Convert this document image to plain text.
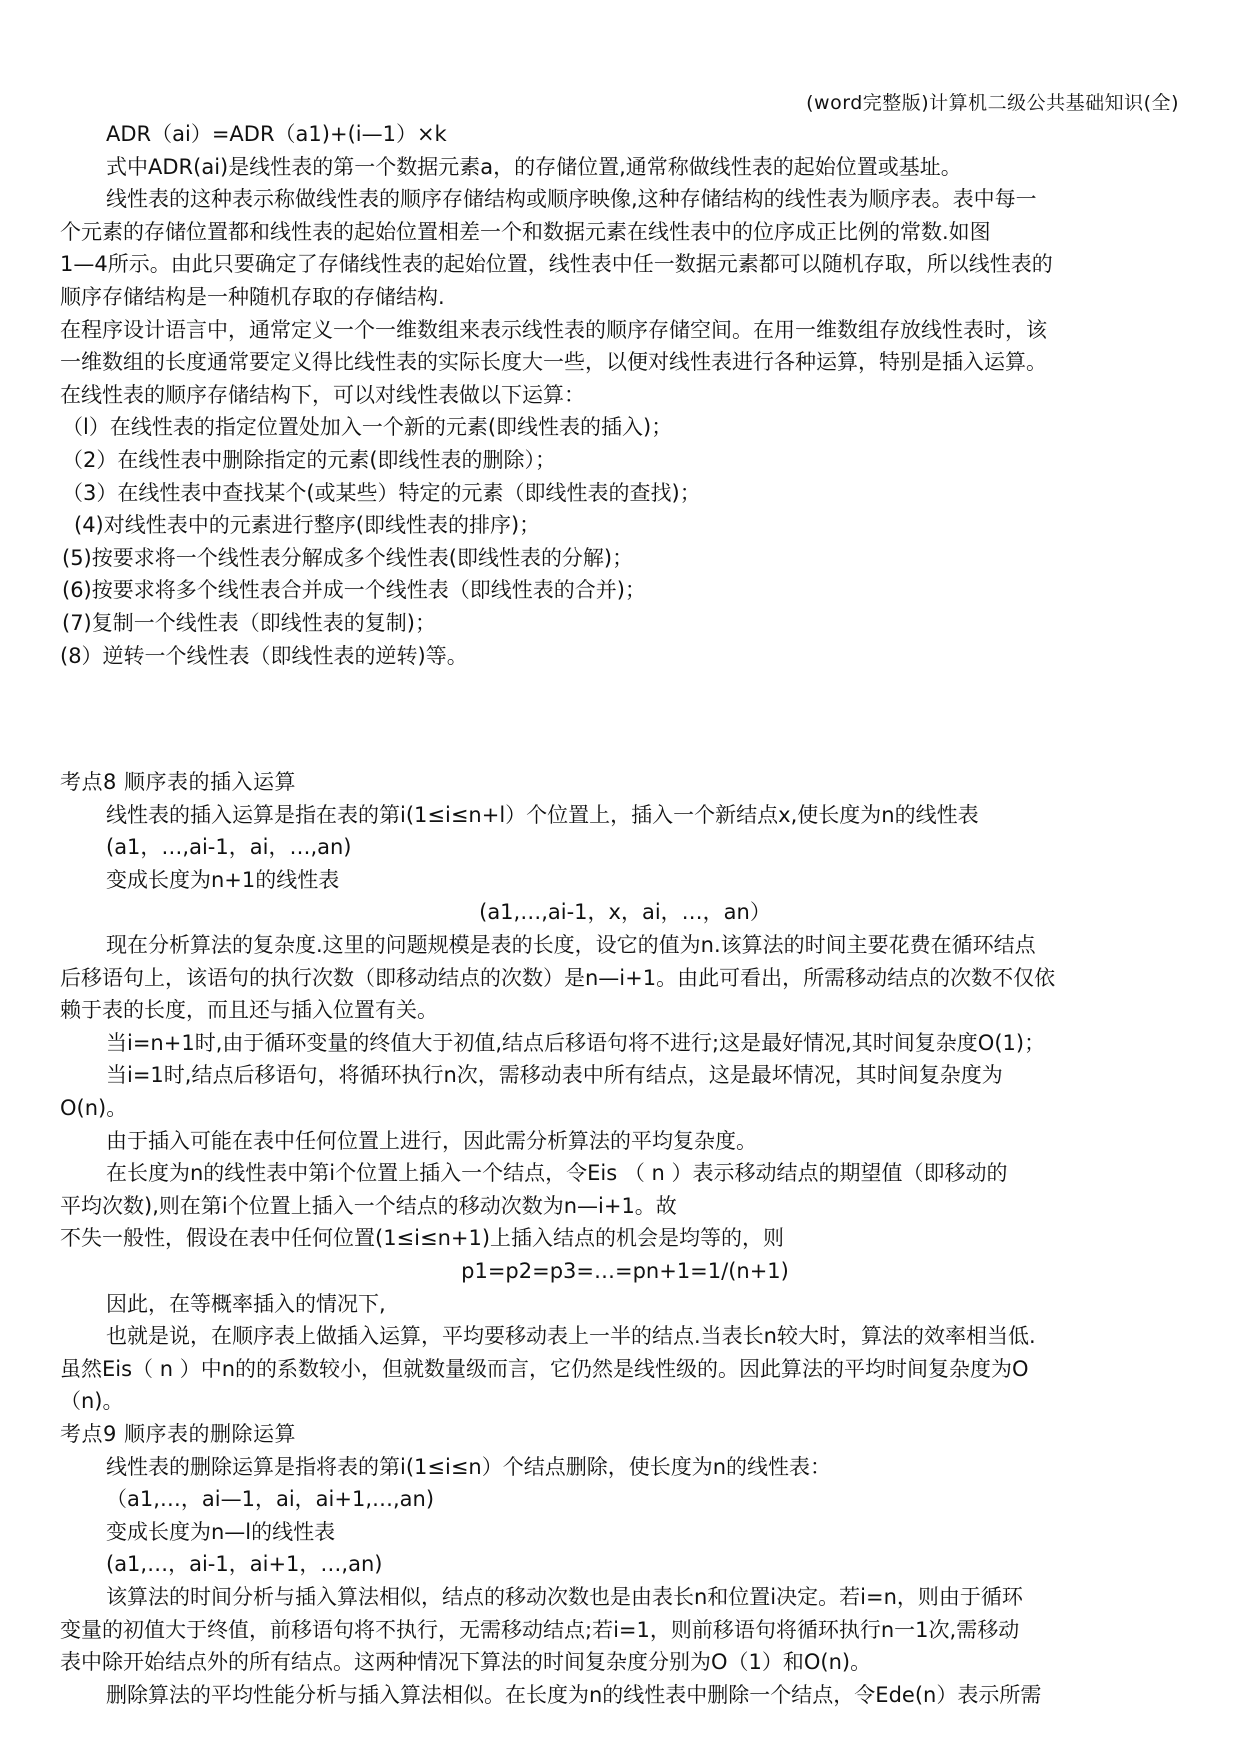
(word完整版)计算机二级公共基础知识(全)
ADR（ai）=ADR（a1)+(i—1）×k
式中ADR(ai)是线性表的第一个数据元素a，的存储位置,通常称做线性表的起始位置或基址。
线性表的这种表示称做线性表的顺序存储结构或顺序映像,这种存储结构的线性表为顺序表。表中每一
个元素的存储位置都和线性表的起始位置相差一个和数据元素在线性表中的位序成正比例的常数.如图
1—4所示。由此只要确定了存储线性表的起始位置，线性表中任一数据元素都可以随机存取，所以线性表的
顺序存储结构是一种随机存取的存储结构.
在程序设计语言中，通常定义一个一维数组来表示线性表的顺序存储空间。在用一维数组存放线性表时，该
一维数组的长度通常要定义得比线性表的实际长度大一些，以便对线性表进行各种运算，特别是插入运算。
在线性表的顺序存储结构下，可以对线性表做以下运算：
（l）在线性表的指定位置处加入一个新的元素(即线性表的插入)；
（2）在线性表中删除指定的元素(即线性表的删除）；
（3）在线性表中查找某个(或某些）特定的元素（即线性表的查找)；
(4)对线性表中的元素进行整序(即线性表的排序)；
(5)按要求将一个线性表分解成多个线性表(即线性表的分解)；
(6)按要求将多个线性表合并成一个线性表（即线性表的合并)；
(7)复制一个线性表（即线性表的复制)；
(8）逆转一个线性表（即线性表的逆转)等。
考点8 顺序表的插入运算
线性表的插入运算是指在表的第i(1≤i≤n+l）个位置上，插入一个新结点x,使长度为n的线性表
(a1，…,ai-1，ai，…,an)
变成长度为n+1的线性表
(a1,…,ai-1，x，ai，…，an）
现在分析算法的复杂度.这里的问题规模是表的长度，设它的值为n.该算法的时间主要花费在循环结点
后移语句上，该语句的执行次数（即移动结点的次数）是n—i+1。由此可看出，所需移动结点的次数不仅依
赖于表的长度，而且还与插入位置有关。
当i=n+1时,由于循环变量的终值大于初值,结点后移语句将不进行;这是最好情况,其时间复杂度O(1)；
当i=1时,结点后移语句，将循环执行n次，需移动表中所有结点，这是最坏情况，其时间复杂度为
O(n)。
由于插入可能在表中任何位置上进行，因此需分析算法的平均复杂度。
在长度为n的线性表中第i个位置上插入一个结点，令Eis （ n ）表示移动结点的期望值（即移动的
平均次数),则在第i个位置上插入一个结点的移动次数为n—i+1。故
不失一般性，假设在表中任何位置(1≤i≤n+1)上插入结点的机会是均等的，则
p1=p2=p3=…=pn+1=1/(n+1)
因此，在等概率插入的情况下,
也就是说，在顺序表上做插入运算，平均要移动表上一半的结点.当表长n较大时，算法的效率相当低.
虽然Eis（ n ）中n的的系数较小，但就数量级而言，它仍然是线性级的。因此算法的平均时间复杂度为O
（n)。
考点9 顺序表的删除运算
线性表的删除运算是指将表的第i(1≤i≤n）个结点删除，使长度为n的线性表：
（a1,…，ai—1，ai，ai+1,…,an)
变成长度为n—l的线性表
(a1,…，ai-1，ai+1，…,an)
该算法的时间分析与插入算法相似，结点的移动次数也是由表长n和位置i决定。若i=n，则由于循环
变量的初值大于终值，前移语句将不执行，无需移动结点;若i=1，则前移语句将循环执行n一1次,需移动
表中除开始结点外的所有结点。这两种情况下算法的时间复杂度分别为O（1）和O(n)。
删除算法的平均性能分析与插入算法相似。在长度为n的线性表中删除一个结点，令Ede(n）表示所需
